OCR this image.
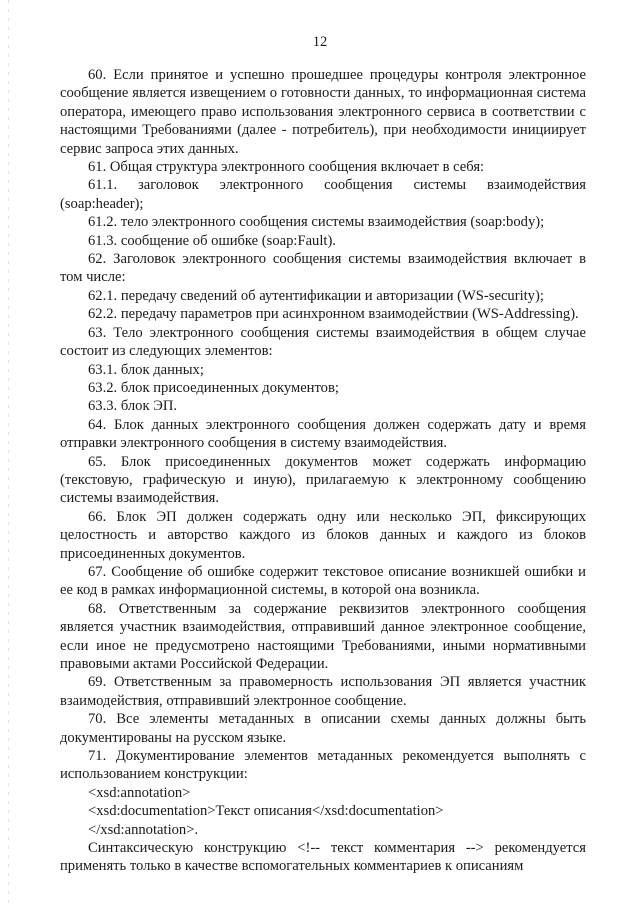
12

60. Если принятое и успешно прошедшее процедуры контроля электронное сообщение является извещением о готовности данных, то информационная система оператора, имеющего право использования электронного сервиса в соответствии с настоящими Требованиями (далее - потребитель), при необходимости инициирует сервис запроса этих данных.

61. Общая структура электронного сообщения включает в себя:

61.1. заголовок электронного сообщения системы взаимодействия (soap:header);

61.2. тело электронного сообщения системы взаимодействия (soap:body);

61.3. сообщение об ошибке (soap:Fault).

62. Заголовок электронного сообщения системы взаимодействия включает в том числе:

62.1. передачу сведений об аутентификации и авторизации (WS-security);

62.2. передачу параметров при асинхронном взаимодействии (WS-Addressing).

63. Тело электронного сообщения системы взаимодействия в общем случае состоит из следующих элементов:

63.1. блок данных;

63.2. блок присоединенных документов;

63.3. блок ЭП.

64. Блок данных электронного сообщения должен содержать дату и время отправки электронного сообщения в систему взаимодействия.

65. Блок присоединенных документов может содержать информацию (текстовую, графическую и иную), прилагаемую к электронному сообщению системы взаимодействия.

66. Блок ЭП должен содержать одну или несколько ЭП, фиксирующих целостность и авторство каждого из блоков данных и каждого из блоков присоединенных документов.

67. Сообщение об ошибке содержит текстовое описание возникшей ошибки и ее код в рамках информационной системы, в которой она возникла.

68. Ответственным за содержание реквизитов электронного сообщения является участник взаимодействия, отправивший данное электронное сообщение, если иное не предусмотрено настоящими Требованиями, иными нормативными правовыми актами Российской Федерации.

69. Ответственным за правомерность использования ЭП является участник взаимодействия, отправивший электронное сообщение.

70. Все элементы метаданных в описании схемы данных должны быть документированы на русском языке.

71. Документирование элементов метаданных рекомендуется выполнять с использованием конструкции:

<xsd:annotation>

<xsd:documentation>Текст описания</xsd:documentation>

</xsd:annotation>.

Синтаксическую конструкцию <!-- текст комментария --> рекомендуется применять только в качестве вспомогательных комментариев к описаниям
